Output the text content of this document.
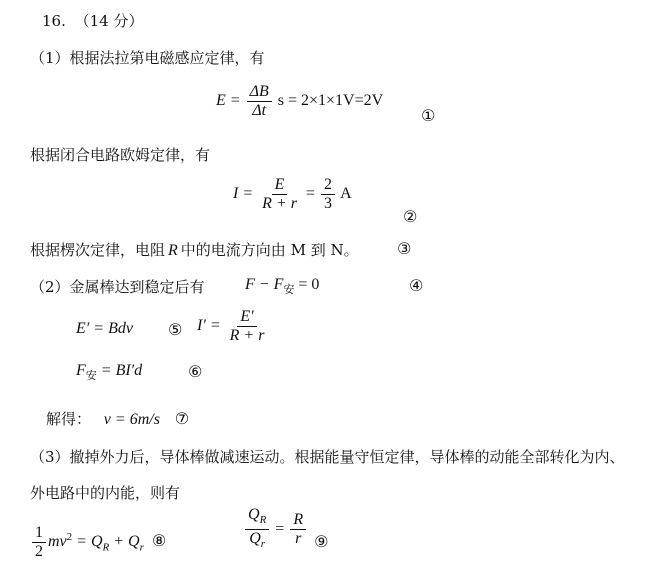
16. （14 分）
（1）根据法拉第电磁感应定律，有
$E = \frac{\Delta B}{\Delta t}$ s = 2×1×1V=2V
①
根据闭合电路欧姆定律，有
$I = \frac{E}{R + r} = \frac{2}{3}$ A
②
根据楞次定律，电阻 R 中的电流方向由 M 到 N。 ③
（2）金属棒达到稳定后有	$F - F_安 = 0$	④
E′ = Bdv ⑤ $I' = \frac{E'}{R + r}$
$F_安 = BI'd$	⑥
解得： v = 6m/s ⑦
（3）撤掉外力后，导体棒做减速运动。根据能量守恒定律，导体棒的动能全部转化为内、
外电路中的内能，则有
$\frac{1}{2} mv^2 = Q_R + Q_r$ ⑧	$\frac{Q_R}{Q_r} = \frac{R}{r}$ ⑨
